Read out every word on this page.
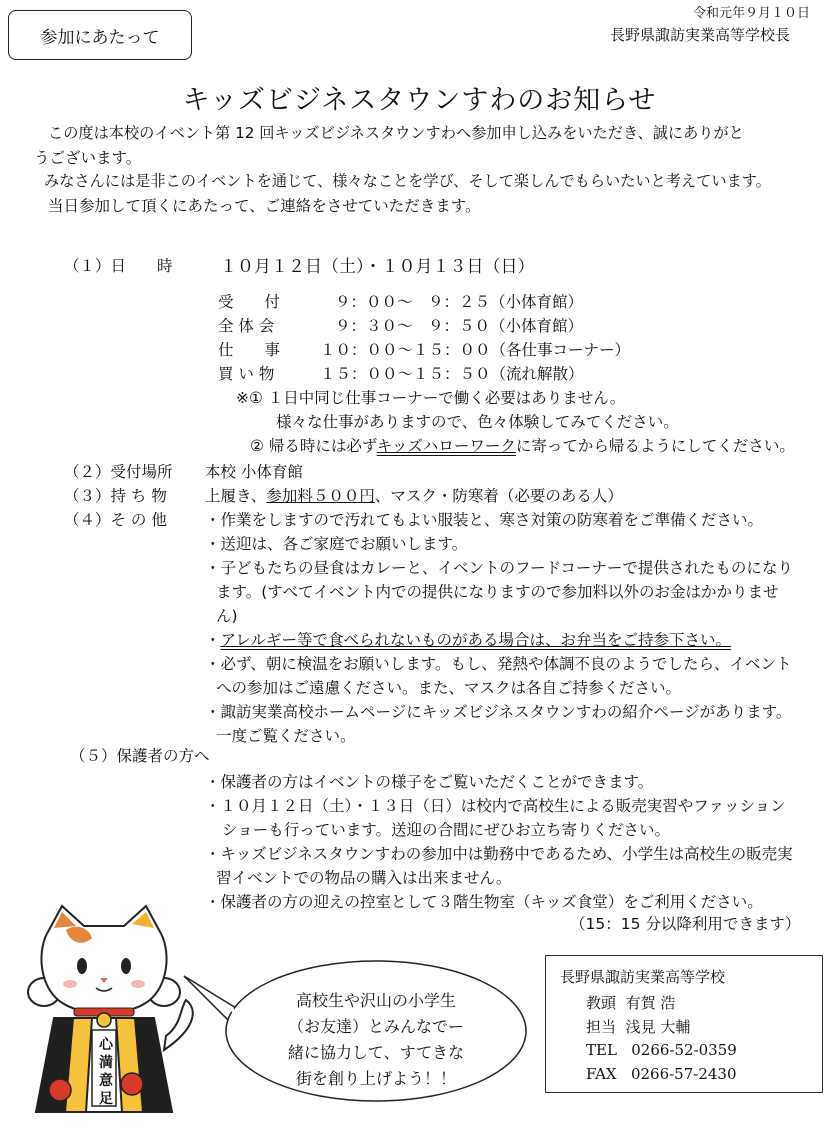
参加にあたって
令和元年９月１０日
長野県諏訪実業高等学校長
キッズビジネスタウンすわのお知らせ
この度は本校のイベント第 12 回キッズビジネスタウンすわへ参加申し込みをいただき、誠にありがと
うございます。
みなさんには是非このイベントを通じて、様々なことを学び、そして楽しんでもらいたいと考えています。
当日参加して頂くにあたって、ご連絡をさせていただきます。
（１）日　　時	１０月１２日（土）・１０月１３日（日）
受　　付	９：００～　９：２５（小体育館）
全 体 会	９：３０～　９：５０（小体育館）
仕　　事	１０：００～１５：００（各仕事コーナー）
買 い 物	１５：００～１５：５０（流れ解散）
※① １日中同じ仕事コーナーで働く必要はありません。
様々な仕事がありますので、色々体験してみてください。
② 帰る時には必ずキッズハローワークに寄ってから帰るようにしてください。
（２）受付場所 本校 小体育館
（３）持 ち 物 上履き、参加料５００円、マスク・防寒着（必要のある人）
（４）そ の 他 ・作業をしますので汚れてもよい服装と、寒さ対策の防寒着をご準備ください。
・送迎は、各ご家庭でお願いします。
・子どもたちの昼食はカレーと、イベントのフードコーナーで提供されたものになり
ます。(すべてイベント内での提供になりますので参加料以外のお金はかかりませ
ん)
・アレルギー等で食べられないものがある場合は、お弁当をご持参下さい。
・必ず、朝に検温をお願いします。もし、発熱や体調不良のようでしたら、イベント
への参加はご遠慮ください。また、マスクは各自ご持参ください。
・諏訪実業高校ホームページにキッズビジネスタウンすわの紹介ページがあります。
一度ご覧ください。
（５）保護者の方へ
・保護者の方はイベントの様子をご覧いただくことができます。
・１０月１２日（土）・１３日（日）は校内で高校生による販売実習やファッション
ショーも行っています。送迎の合間にぜひお立ち寄りください。
・キッズビジネスタウンすわの参加中は勤務中であるため、小学生は高校生の販売実
習イベントでの物品の購入は出来ません。
・保護者の方の迎えの控室として３階生物室（キッズ食堂）をご利用ください。
（15：15 分以降利用できます）
心満意足
高校生や沢山の小学生
（お友達）とみんなでー
緒に協力して、すてきな
街を創り上げよう！！
長野県諏訪実業高等学校
教頭 有賀 浩
担当 浅見 大輔
TEL 0266-52-0359
FAX 0266-57-2430
